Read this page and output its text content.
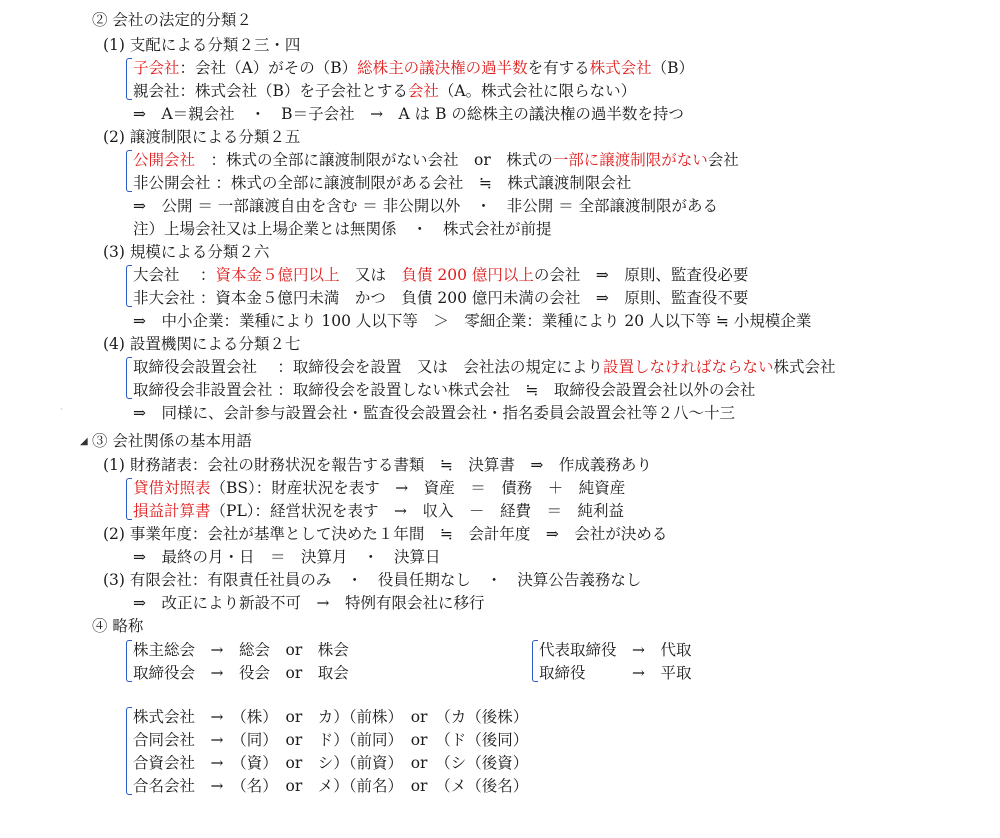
② 会社の法定的分類２
(1) 支配による分類２三・四
子会社：会社（A）がその（B）総株主の議決権の過半数を有する株式会社（B）
親会社：株式会社（B）を子会社とする会社（A。株式会社に限らない）
⇒　A＝親会社　・　B＝子会社　→　A は B の総株主の議決権の過半数を持つ
(2) 譲渡制限による分類２五
公開会社　：株式の全部に譲渡制限がない会社　or　株式の一部に譲渡制限がない会社
非公開会社 ：株式の全部に譲渡制限がある会社　≒　株式譲渡制限会社
⇒　公開 ＝ 一部譲渡自由を含む ＝ 非公開以外　・　非公開 ＝ 全部譲渡制限がある
注）上場会社又は上場企業とは無関係　・　株式会社が前提
(3) 規模による分類２六
大会社　 ：資本金５億円以上　又は　負債 200 億円以上の会社　⇒　原則、監査役必要
非大会社 ：資本金５億円未満　かつ　負債 200 億円未満の会社　⇒　原則、監査役不要
⇒　中小企業：業種により 100 人以下等　＞　零細企業：業種により 20 人以下等 ≒ 小規模企業
(4) 設置機関による分類２七
取締役会設置会社　 ：取締役会を設置　又は　会社法の規定により設置しなければならない株式会社
取締役会非設置会社 ：取締役会を設置しない株式会社　≒　取締役会設置会社以外の会社
⇒　同様に、会計参与設置会社・監査役会設置会社・指名委員会設置会社等２八～十三
·
◢ ③ 会社関係の基本用語
(1) 財務諸表：会社の財務状況を報告する書類　≒　決算書　⇒　作成義務あり
貸借対照表（BS）：財産状況を表す　→　資産　＝　債務　＋　純資産
損益計算書（PL）：経営状況を表す　→　収入　－　経費　＝　純利益
(2) 事業年度：会社が基準として決めた１年間　≒　会計年度　⇒　会社が決める
⇒　最終の月・日　＝　決算月　・　決算日
(3) 有限会社：有限責任社員のみ　・　役員任期なし　・　決算公告義務なし
⇒　改正により新設不可　→　特例有限会社に移行
④ 略称
株主総会　→　総会　or　株会
取締役会　→　役会　or　取会
代表取締役　→　代取
取締役　　　→　平取
株式会社　→　（株）　or　カ）（前株）　or　（カ（後株）
合同会社　→　（同）　or　ド）（前同）　or　（ド（後同）
合資会社　→　（資）　or　シ）（前資）　or　（シ（後資）
合名会社　→　（名）　or　メ）（前名）　or　（メ（後名）
